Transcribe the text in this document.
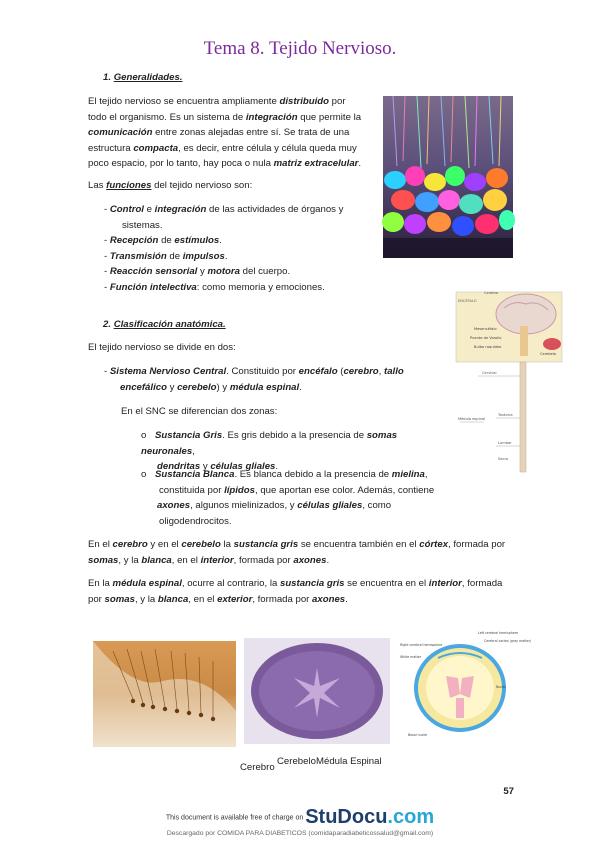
Tema 8. Tejido Nervioso.
1. Generalidades.
El tejido nervioso se encuentra ampliamente distribuido por
todo el organismo. Es un sistema de integración que permite la
comunicación entre zonas alejadas entre sí. Se trata de una
estructura compacta, es decir, entre célula y célula queda muy
poco espacio, por lo tanto, hay poca o nula matriz extracelular.
Las funciones del tejido nervioso son:
- Control e integración de las actividades de órganos y
sistemas.
- Recepción de estímulos.
- Transmisión de impulsos.
- Reacción sensorial y motora del cuerpo.
- Función intelectiva: como memoria y emociones.
2. Clasificación anatómica.
El tejido nervioso se divide en dos:
- Sistema Nervioso Central. Constituido por encéfalo (cerebro, tallo
encefálico y cerebelo) y médula espinal.
En el SNC se diferencian dos zonas:
o Sustancia Gris. Es gris debido a la presencia de somas
neuronales,
dendritas y células gliales.
o Sustancia Blanca. Es blanca debido a la presencia de mielina,
constituida por lípidos, que aportan ese color. Además, contiene
axones, algunos mielinizados, y células gliales, como
oligodendrocitos.
En el cerebro y en el cerebelo la sustancia gris se encuentra también en el córtex, formada por
somas, y la blanca, en el interior, formada por axones.
En la médula espinal, ocurre al contrario, la sustancia gris se encuentra en el interior, formada
por somas, y la blanca, en el exterior, formada por axones.
Cerebro
ENCÉFALO
Mesencéfalo
Puente de Varolio
Bulbo raquídeo
Cerebelo
Cervical
Torácica
Lumbar
Sacra
Médula espinal
Left cerebral hemisphere
Cerebral cortex (gray matter)
Right cerebral hemisphere
White matter
Nuclei
Basal nuclei
Cerebro
Cerebelo Médula Espinal
57
This document is available free of charge on StuDocu.com
Descargado por COMIDA PARA DIABETICOS (comidaparadiabeticossalud@gmail.com)
